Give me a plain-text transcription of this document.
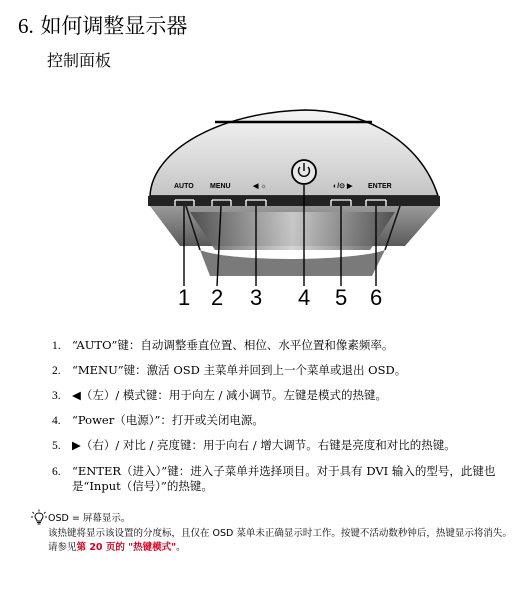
6. 如何调整显示器
控制面板
AUTO MENU	◀ ☼	◐/⊙ ▶ ENTER
1 2 3 4 5 6
1. “AUTO”键：自动调整垂直位置、相位、水平位置和像素频率。
2. “MENU”键：激活 OSD 主菜单并回到上一个菜单或退出 OSD。
3. ◀（左）/ 模式键：用于向左 / 减小调节。左键是模式的热键。
4. “Power（电源）”：打开或关闭电源。
5. ▶（右）/ 对比 / 亮度键：用于向右 / 增大调节。右键是亮度和对比的热键。
6. “ENTER（进入）”键：进入子菜单并选择项目。对于具有 DVI 输入的型号，此键也是“Input（信号）”的热键。
OSD = 屏幕显示。
该热键将显示该设置的分度标，且仅在 OSD 菜单未正确显示时工作。按键不活动数秒钟后，热键显示将消失。请参见第 20 页的 "热键模式"。
